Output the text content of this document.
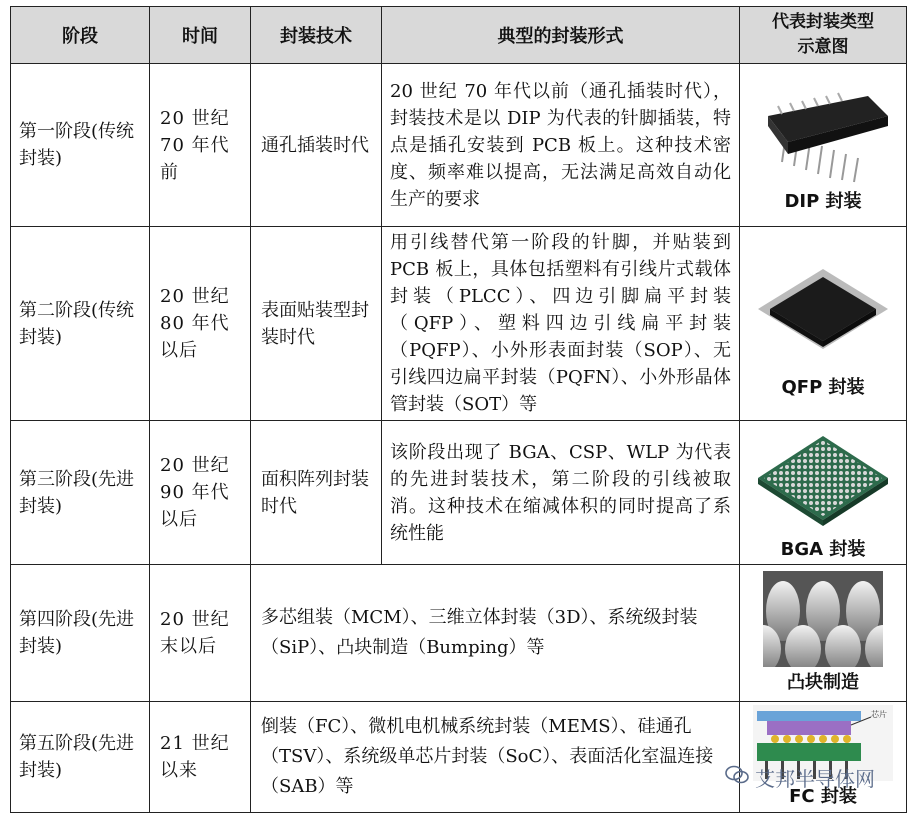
阶段	时间	封装技术	典型的封装形式	代表封装类型
示意图

第一阶段(传统封装)	20 世纪 70 年代前	通孔插装时代	20 世纪 70 年代以前（通孔插装时代），封装技术是以 DIP 为代表的针脚插装，特点是插孔安装到 PCB 板上。这种技术密度、频率难以提高，无法满足高效自动化生产的要求	DIP 封装

第二阶段(传统封装)	20 世纪 80 年代以后	表面贴装型封装时代	用引线替代第一阶段的针脚，并贴装到 PCB 板上，具体包括塑料有引线片式载体封装（PLCC）、四边引脚扁平封装（QFP）、塑料四边引线扁平封装（PQFP）、小外形表面封装（SOP）、无引线四边扁平封装（PQFN）、小外形晶体管封装（SOT）等	QFP 封装

第三阶段(先进封装)	20 世纪 90 年代以后	面积阵列封装时代	该阶段出现了 BGA、CSP、WLP 为代表的先进封装技术，第二阶段的引线被取消。这种技术在缩减体积的同时提高了系统性能	BGA 封装

第四阶段(先进封装)	20 世纪末以后	多芯组装（MCM）、三维立体封装（3D）、系统级封装（SiP）、凸块制造（Bumping）等		凸块制造

第五阶段(先进封装)	21 世纪以来	倒装（FC）、微机电机械系统封装（MEMS）、硅通孔（TSV）、系统级单芯片封装（SoC）、表面活化室温连接（SAB）等		芯片
FC 封装
艾邦半导体网
